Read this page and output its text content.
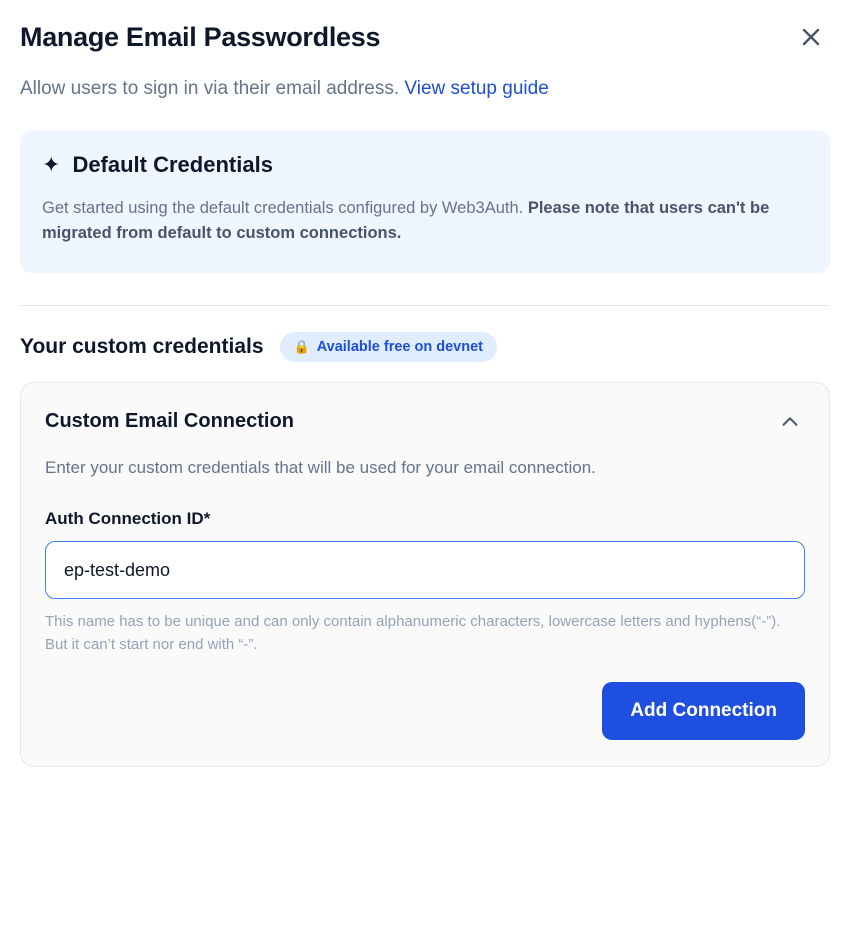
Manage Email Passwordless
Allow users to sign in via their email address. View setup guide
✦ Default Credentials
Get started using the default credentials configured by Web3Auth. Please note that users can't be migrated from default to custom connections.
Your custom credentials 🔒 Available free on devnet
Custom Email Connection
Enter your custom credentials that will be used for your email connection.
Auth Connection ID*
ep-test-demo
This name has to be unique and can only contain alphanumeric characters, lowercase letters and hyphens(“-”). But it can’t start nor end with “-”.
Add Connection
